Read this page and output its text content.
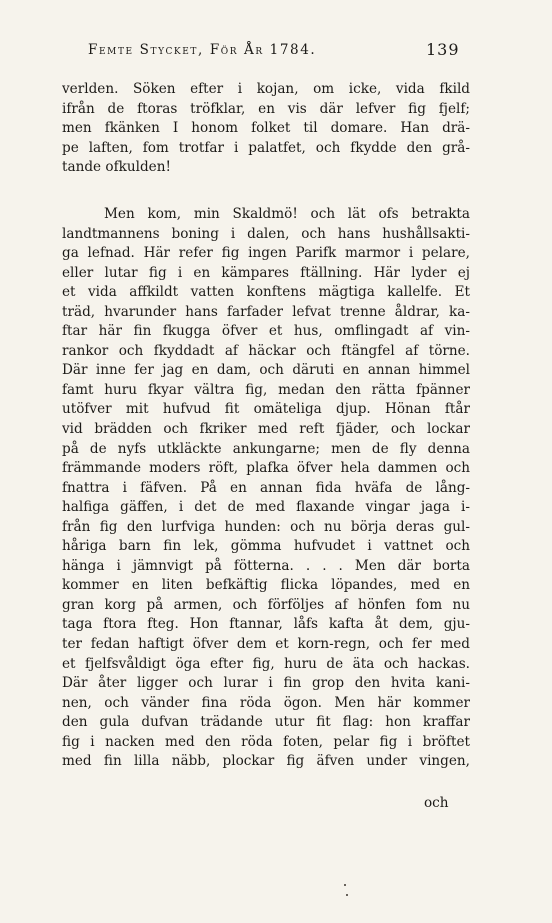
Femte Stycket, För År 1784.	139
verlden. Söken efter i kojan, om icke, vida fkild
ifrån de ftoras tröfklar, en vis där lefver fig fjelf;
men fkänken I honom folket til domare. Han drä-
pe laften, fom trotfar i palatfet, och fkydde den grå-
tande ofkulden!
Men kom, min Skaldmö! och lät ofs betrakta
landtmannens boning i dalen, och hans hushållsakti-
ga lefnad. Här refer fig ingen Parifk marmor i pelare,
eller lutar fig i en kämpares ftällning. Här lyder ej
et vida affkildt vatten konftens mägtiga kallelfe. Et
träd, hvarunder hans farfader lefvat trenne åldrar, ka-
ftar här fin fkugga öfver et hus, omflingadt af vin-
rankor och fkyddadt af häckar och ftängfel af törne.
Där inne fer jag en dam, och däruti en annan himmel
famt huru fkyar vältra fig, medan den rätta fpänner
utöfver mit hufvud fit omäteliga djup. Hönan ftår
vid brädden och fkriker med reft fjäder, och lockar
på de nyfs utkläckte ankungarne; men de fly denna
främmande moders röft, plafka öfver hela dammen och
fnattra i fäfven. På en annan fida hväfa de lång-
halfiga gäffen, i det de med flaxande vingar jaga i-
från fig den lurfviga hunden: och nu börja deras gul-
håriga barn fin lek, gömma hufvudet i vattnet och
hänga i jämnvigt på fötterna. . . . Men där borta
kommer en liten befkäftig flicka löpandes, med en
gran korg på armen, och förföljes af hönfen fom nu
taga ftora fteg. Hon ftannar, låfs kafta åt dem, gju-
ter fedan haftigt öfver dem et korn-regn, och fer med
et fjelfsvåldigt öga efter fig, huru de äta och hackas.
Där åter ligger och lurar i fin grop den hvita kani-
nen, och vänder fina röda ögon. Men här kommer
den gula dufvan trädande utur fit flag: hon kraffar
fig i nacken med den röda foten, pelar fig i bröftet
med fin lilla näbb, plockar fig äfven under vingen,
och
